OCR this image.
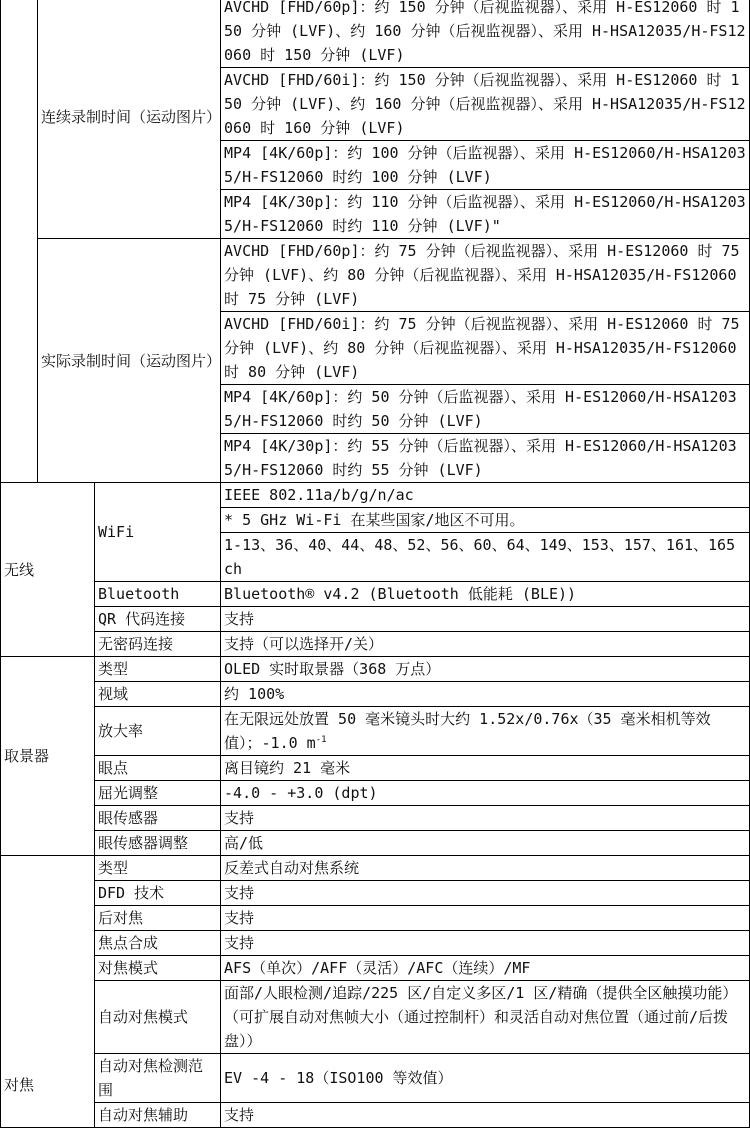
	连续录制时间（运动图片）		AVCHD [FHD/60p]：约 150 分钟（后视监视器）、采用 H-ES12060 时 150 分钟 (LVF)、约 160 分钟（后视监视器）、采用 H-HSA12035/H-FS12060 时 150 分钟 (LVF)
			AVCHD [FHD/60i]：约 150 分钟（后视监视器）、采用 H-ES12060 时 150 分钟 (LVF)、约 160 分钟（后视监视器）、采用 H-HSA12035/H-FS12060 时 160 分钟 (LVF)
			MP4 [4K/60p]：约 100 分钟（后监视器）、采用 H-ES12060/H-HSA12035/H-FS12060 时约 100 分钟 (LVF)
			MP4 [4K/30p]：约 110 分钟（后监视器）、采用 H-ES12060/H-HSA12035/H-FS12060 时约 110 分钟 (LVF)"
	实际录制时间（运动图片）		AVCHD [FHD/60p]：约 75 分钟（后视监视器）、采用 H-ES12060 时 75 分钟 (LVF)、约 80 分钟（后视监视器）、采用 H-HSA12035/H-FS12060 时 75 分钟 (LVF)
			AVCHD [FHD/60i]：约 75 分钟（后视监视器）、采用 H-ES12060 时 75 分钟 (LVF)、约 80 分钟（后视监视器）、采用 H-HSA12035/H-FS12060 时 80 分钟 (LVF)
			MP4 [4K/60p]：约 50 分钟（后监视器）、采用 H-ES12060/H-HSA12035/H-FS12060 时约 50 分钟 (LVF)
			MP4 [4K/30p]：约 55 分钟（后监视器）、采用 H-ES12060/H-HSA12035/H-FS12060 时约 55 分钟 (LVF)
无线		WiFi	IEEE 802.11a/b/g/n/ac
			* 5 GHz Wi-Fi 在某些国家/地区不可用。
			1-13、36、40、44、48、52、56、60、64、149、153、157、161、165 ch
		Bluetooth	Bluetooth® v4.2 (Bluetooth 低能耗 (BLE))
		QR 代码连接	支持
		无密码连接	支持（可以选择开/关）
取景器		类型	OLED 实时取景器（368 万点）
		视域	约 100%
		放大率	在无限远处放置 50 毫米镜头时大约 1.52x/0.76x（35 毫米相机等效值）；-1.0 $m^{-1}$
		眼点	离目镜约 21 毫米
		屈光调整	-4.0 - +3.0 (dpt)
		眼传感器	支持
		眼传感器调整	高/低
对焦		类型	反差式自动对焦系统
		DFD 技术	支持
		后对焦	支持
		焦点合成	支持
		对焦模式	AFS（单次）/AFF（灵活）/AFC（连续）/MF
		自动对焦模式	面部/人眼检测/追踪/225 区/自定义多区/1 区/精确（提供全区触摸功能）（可扩展自动对焦帧大小（通过控制杆）和灵活自动对焦位置（通过前/后拨盘））
		自动对焦检测范围	EV -4 - 18（ISO100 等效值）
		自动对焦辅助	支持
